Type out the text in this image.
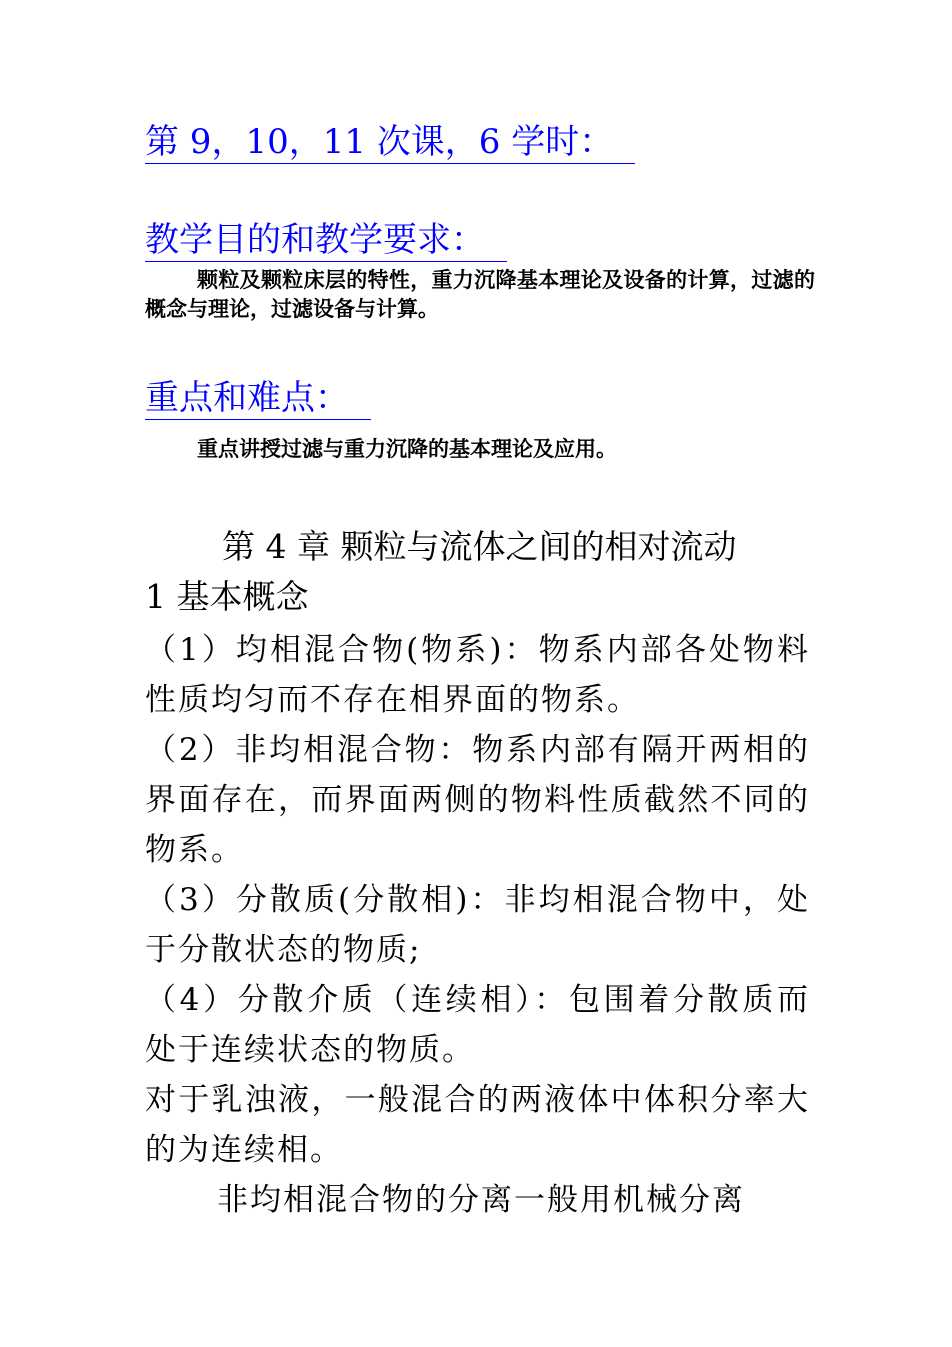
第 9，10，11 次课，6 学时：
教学目的和教学要求：

颗粒及颗粒床层的特性，重力沉降基本理论及设备的计算，过滤的概念与理论，过滤设备与计算。

重点和难点：

重点讲授过滤与重力沉降的基本理论及应用。

第 4 章 颗粒与流体之间的相对流动
1 基本概念

（1）均相混合物(物系)：物系内部各处物料性质均匀而不存在相界面的物系。

（2）非均相混合物：物系内部有隔开两相的界面存在，而界面两侧的物料性质截然不同的物系。

（3）分散质(分散相)：非均相混合物中，处于分散状态的物质;

（4）分散介质（连续相）：包围着分散质而处于连续状态的物质。

对于乳浊液，一般混合的两液体中体积分率大的为连续相。

非均相混合物的分离一般用机械分离
